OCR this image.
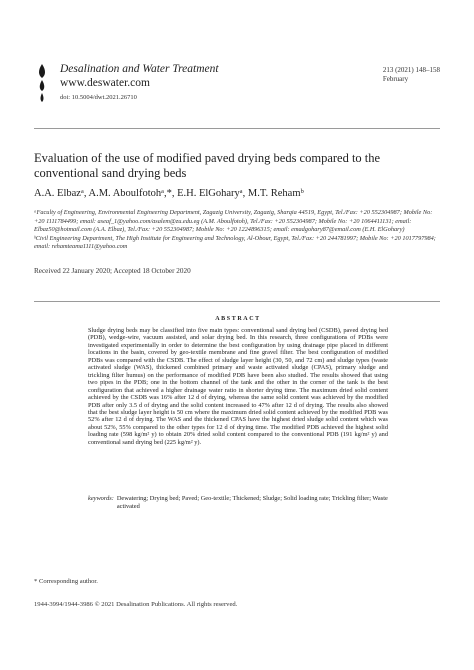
Desalination and Water Treatment
www.deswater.com
doi: 10.5004/dwt.2021.26710
213 (2021) 148–158
February
Evaluation of the use of modified paved drying beds compared to the conventional sand drying beds
A.A. Elbazᵃ, A.M. Aboulfotohᵃ,*, E.H. ElGoharyᵃ, M.T. Rehamᵇ

ᵃFaculty of Engineering, Environmental Engineering Department, Zagazig University, Zagazig, Sharqia 44519, Egypt, Tel./Fax: +20 552304987; Mobile No: +20 1111784499; email: aseaf_1@yahoo.com/asalem@zu.edu.eg (A.M. Aboulfotoh), Tel./Fax: +20 552304987; Mobile No: +20 1064411131; email: Elbaz50@hotmail.com (A.A. Elbaz), Tel./Fax: +20 552304987; Mobile No: +20 1224896315; email: emadgohary87@email.com (E.H. ElGohary)

ᵇCivil Engineering Department, The High Institute for Engineering and Technology, Al-Obour, Egypt, Tel./Fax: +20 244781997; Mobile No: +20 1017797984; email: rehamteama1111@yahoo.com

Received 22 January 2020; Accepted 18 October 2020
ABSTRACT
Sludge drying beds may be classified into five main types: conventional sand drying bed (CSDB), paved drying bed (PDB), wedge-wire, vacuum assisted, and solar drying bed. In this research, three configurations of PDBs were investigated experimentally in order to determine the best configuration by using drainage pipe placed in different locations in the basin, covered by geo-textile membrane and fine gravel filter. The best configuration of modified PDBs was compared with the CSDB. The effect of sludge layer height (30, 50, and 72 cm) and sludge types (waste activated sludge (WAS), thickened combined primary and waste activated sludge (CPAS), primary sludge and trickling filter humus) on the performance of modified PDB have been also studied. The results showed that using two pipes in the PDB; one in the bottom channel of the tank and the other in the corner of the tank is the best configuration that achieved a higher drainage water ratio in shorter drying time. The maximum dried solid content achieved by the CSDB was 16% after 12 d of drying, whereas the same solid content was achieved by the modified PDB after only 3.5 d of drying and the solid content increased to 47% after 12 d of drying. The results also showed that the best sludge layer height is 50 cm where the maximum dried solid content achieved by the modified PDB was 52% after 12 d of drying. The WAS and the thickened CPAS have the highest dried sludge solid content which was about 52%, 55% compared to the other types for 12 d of drying time. The modified PDB achieved the highest solid loading rate (598 kg/m² y) to obtain 20% dried solid content compared to the conventional PDB (191 kg/m² y) and conventional sand drying bed (225 kg/m² y).
keywords: Dewatering; Drying bed; Paved; Geo-textile; Thickened; Sludge; Solid loading rate; Trickling filter; Waste activated
* Corresponding author.
1944-3994/1944-3986 © 2021 Desalination Publications. All rights reserved.
